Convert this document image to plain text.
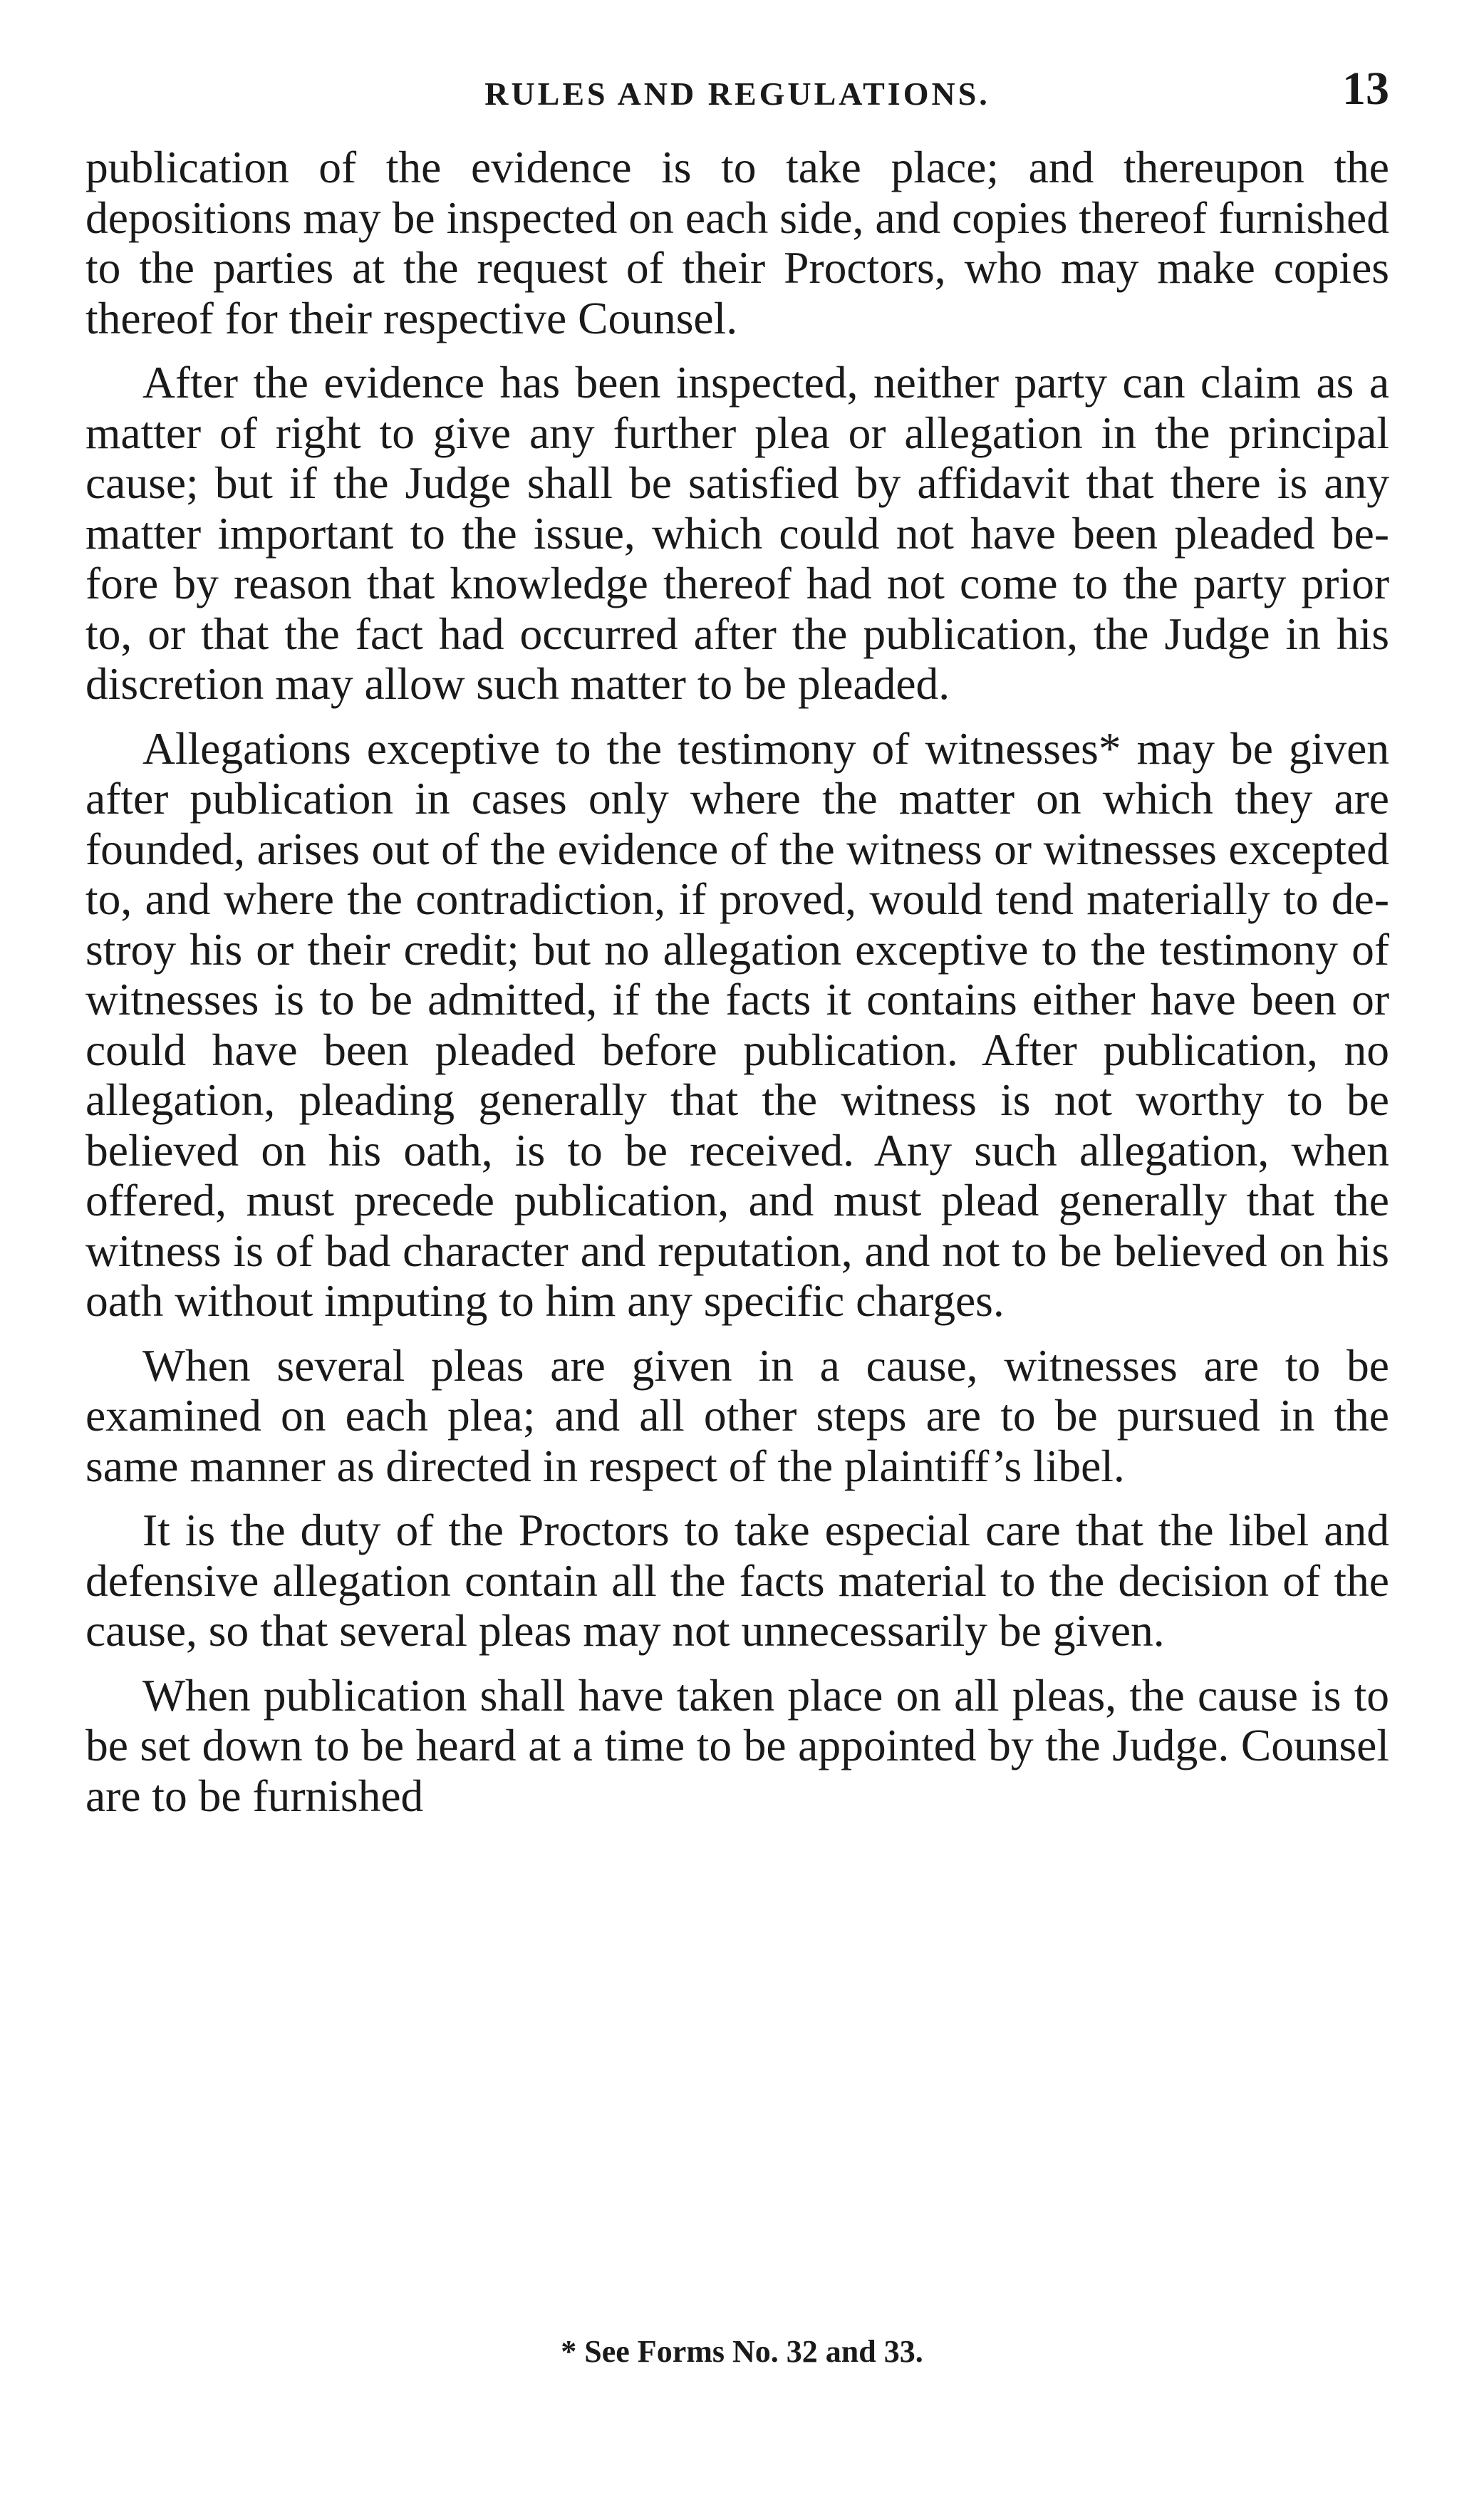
RULES AND REGULATIONS.	13

publication of the evidence is to take place; and thereupon the depositions may be inspected on each side, and copies thereof furnished to the parties at the request of their Proctors, who may make copies thereof for their respective Counsel.

After the evidence has been inspected, neither party can claim as a matter of right to give any further plea or allegation in the principal cause; but if the Judge shall be satisfied by affidavit that there is any matter important to the issue, which could not have been pleaded before by reason that knowledge thereof had not come to the party prior to, or that the fact had occurred after the publication, the Judge in his discretion may allow such matter to be pleaded.

Allegations exceptive to the testimony of witnesses* may be given after publication in cases only where the matter on which they are founded, arises out of the evidence of the witness or witnesses excepted to, and where the contradiction, if proved, would tend materially to destroy his or their credit; but no allegation exceptive to the testimony of witnesses is to be admitted, if the facts it contains either have been or could have been pleaded before publication. After publication, no allegation, pleading generally that the witness is not worthy to be believed on his oath, is to be received. Any such allegation, when offered, must precede publication, and must plead generally that the witness is of bad character and reputation, and not to be believed on his oath without imputing to him any specific charges.

When several pleas are given in a cause, witnesses are to be examined on each plea; and all other steps are to be pursued in the same manner as directed in respect of the plaintiff’s libel.

It is the duty of the Proctors to take especial care that the libel and defensive allegation contain all the facts material to the decision of the cause, so that several pleas may not unnecessarily be given.

When publication shall have taken place on all pleas, the cause is to be set down to be heard at a time to be appointed by the Judge. Counsel are to be furnished

* See Forms No. 32 and 33.
